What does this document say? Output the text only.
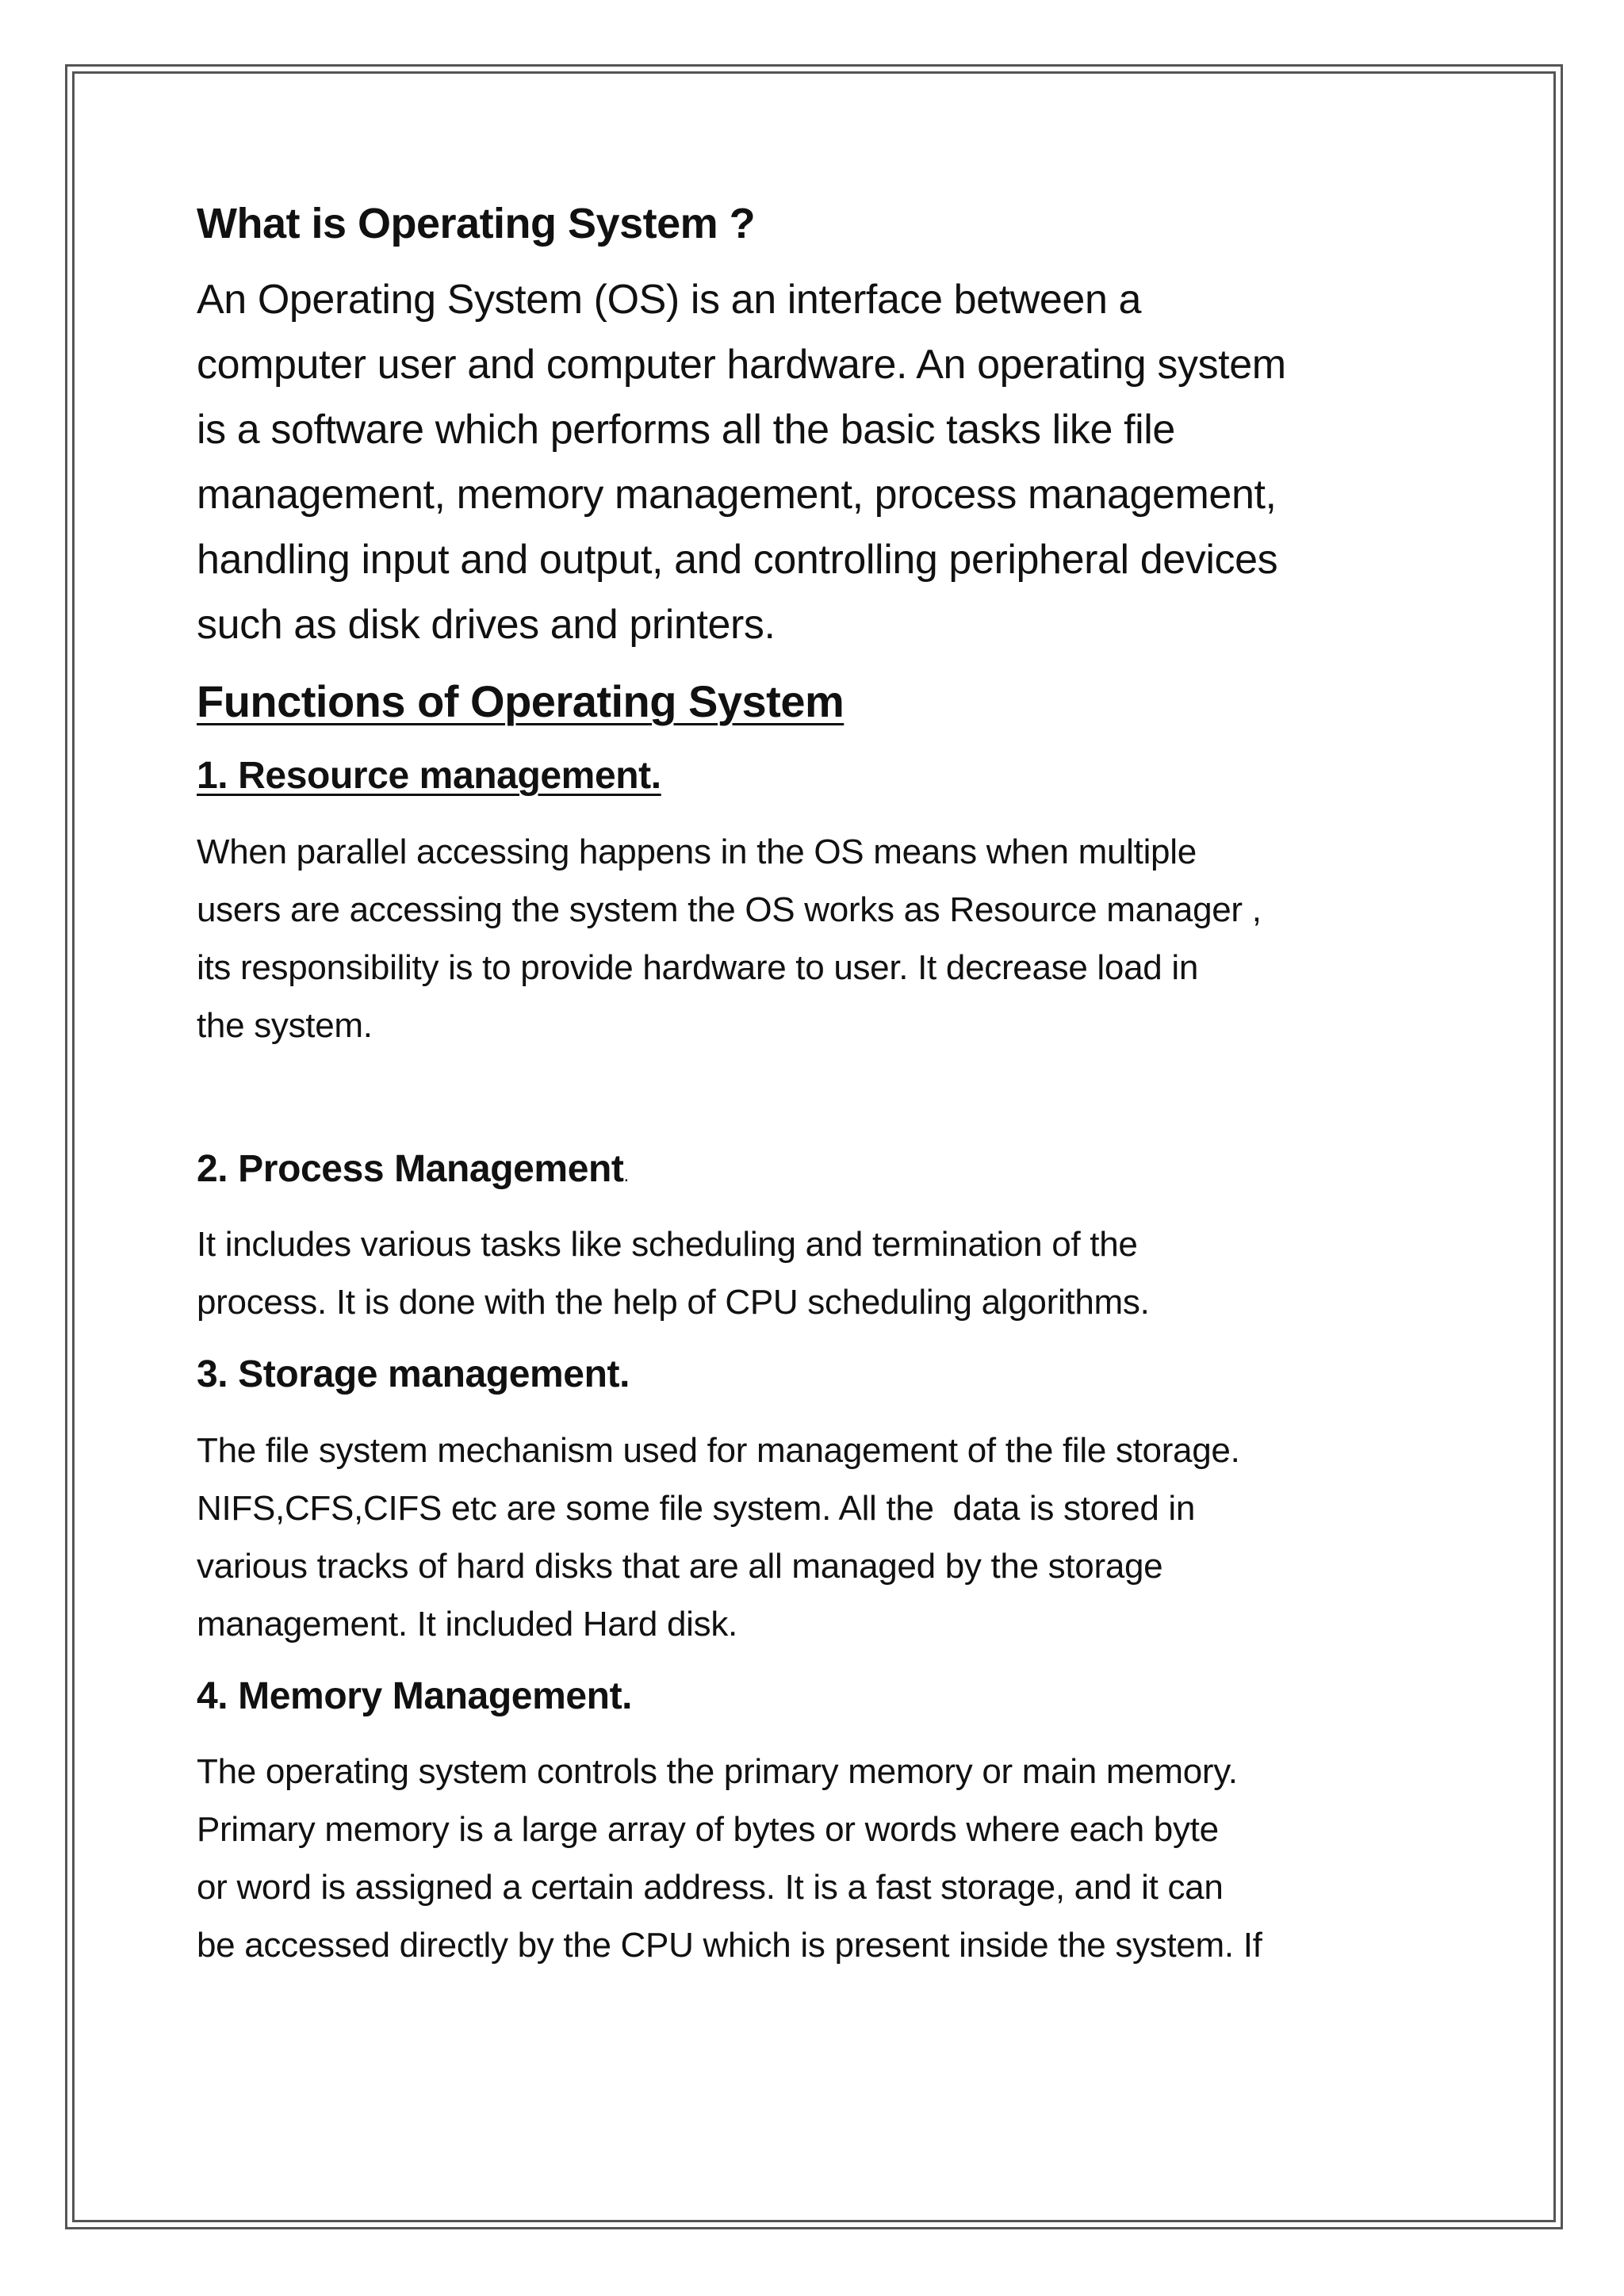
What is Operating System ?
An Operating System (OS) is an interface between a
computer user and computer hardware. An operating system
is a software which performs all the basic tasks like file
management, memory management, process management,
handling input and output, and controlling peripheral devices
such as disk drives and printers.
Functions of Operating System
1. Resource management.
When parallel accessing happens in the OS means when multiple
users are accessing the system the OS works as Resource manager ,
its responsibility is to provide hardware to user. It decrease load in
the system.
2. Process Management.
It includes various tasks like scheduling and termination of the
process. It is done with the help of CPU scheduling algorithms.
3. Storage management.
The file system mechanism used for management of the file storage.
NIFS,CFS,CIFS etc are some file system. All the  data is stored in
various tracks of hard disks that are all managed by the storage
management. It included Hard disk.
4. Memory Management.
The operating system controls the primary memory or main memory.
Primary memory is a large array of bytes or words where each byte
or word is assigned a certain address. It is a fast storage, and it can
be accessed directly by the CPU which is present inside the system. If
